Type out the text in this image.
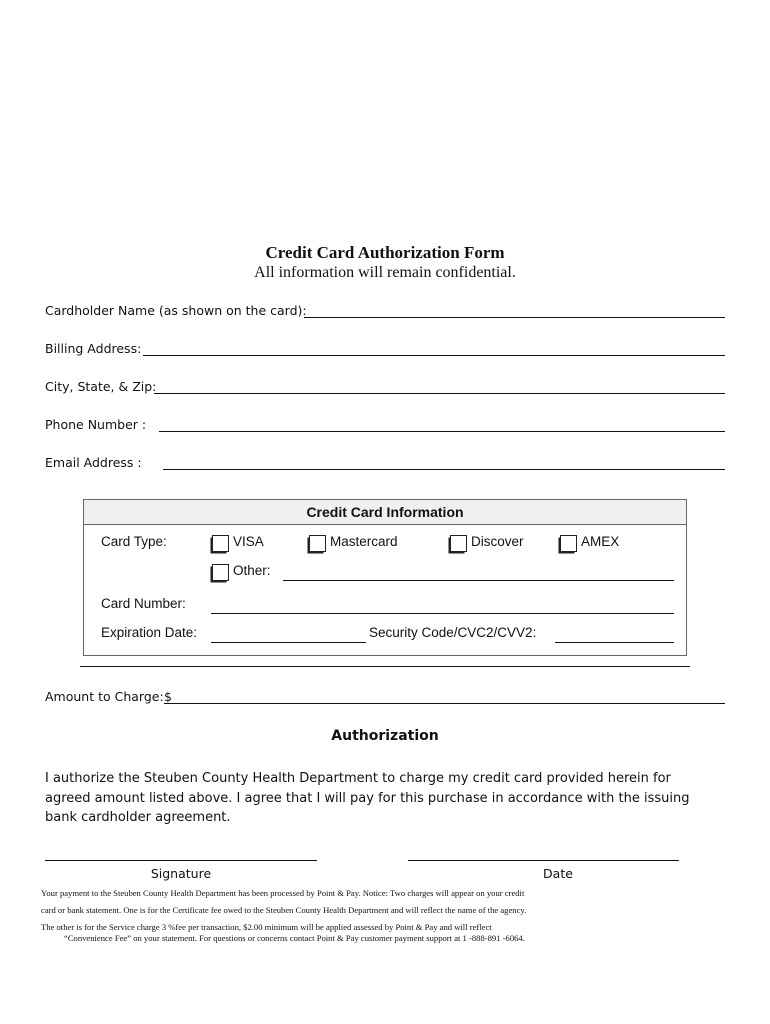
Credit Card Authorization Form
All information will remain confidential.
Cardholder Name (as shown on the card):
Billing Address:
City, State, & Zip:
Phone Number :
Email Address :
Credit Card Information
Card Type:	VISA	Mastercard	Discover	AMEX
Other:
Card Number:
Expiration Date:	Security Code/CVC2/CVV2:
Amount to Charge: $
Authorization
I authorize the Steuben County Health Department to charge my credit card provided herein for agreed amount listed above. I agree that I will pay for this purchase in accordance with the issuing bank cardholder agreement.
Signature	Date
Your payment to the Steuben County Health Department has been processed by Point & Pay. Notice: Two charges will appear on your credit
card or bank statement. One is for the Certificate fee owed to the Steuben County Health Department and will reflect the name of the agency.
The other is for the Service charge 3 %fee per transaction, $2.00 minimum will be applied assessed by Point & Pay and will reflect
“Convenience Fee” on your statement. For questions or concerns contact Point & Pay customer payment support at 1 -888-891 -6064.
